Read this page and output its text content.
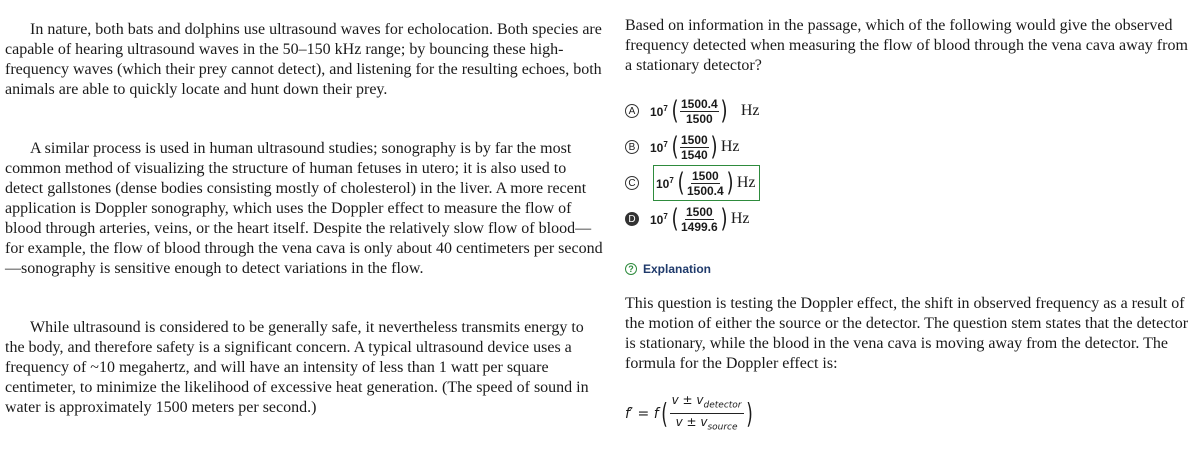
In nature, both bats and dolphins use ultrasound waves for echolocation. Both species are capable of hearing ultrasound waves in the 50–150 kHz range; by bouncing these high-frequency waves (which their prey cannot detect), and listening for the resulting echoes, both animals are able to quickly locate and hunt down their prey.

A similar process is used in human ultrasound studies; sonography is by far the most common method of visualizing the structure of human fetuses in utero; it is also used to detect gallstones (dense bodies consisting mostly of cholesterol) in the liver. A more recent application is Doppler sonography, which uses the Doppler effect to measure the flow of blood through arteries, veins, or the heart itself. Despite the relatively slow flow of blood—for example, the flow of blood through the vena cava is only about 40 centimeters per second—sonography is sensitive enough to detect variations in the flow.

While ultrasound is considered to be generally safe, it nevertheless transmits energy to the body, and therefore safety is a significant concern. A typical ultrasound device uses a frequency of ~10 megahertz, and will have an intensity of less than 1 watt per square centimeter, to minimize the likelihood of excessive heat generation. (The speed of sound in water is approximately 1500 meters per second.)

Based on information in the passage, which of the following would give the observed frequency detected when measuring the flow of blood through the vena cava away from a stationary detector?
A	$10^7$ ( $\frac{1500.4}{1500}$ ) Hz
B	$10^7$ ( $\frac{1500}{1540}$ ) Hz
C $10^7$ ( $\frac{1500}{1500.4}$ ) Hz
D $10^7$ ( $\frac{1500}{1499.6}$ ) Hz
? Explanation
This question is testing the Doppler effect, the shift in observed frequency as a result of the motion of either the source or the detector. The question stem states that the detector is stationary, while the blood in the vena cava is moving away from the detector. The formula for the Doppler effect is:
f′ = f ( $v \pm v_{detector}$
$v \pm v_{source}$ )
